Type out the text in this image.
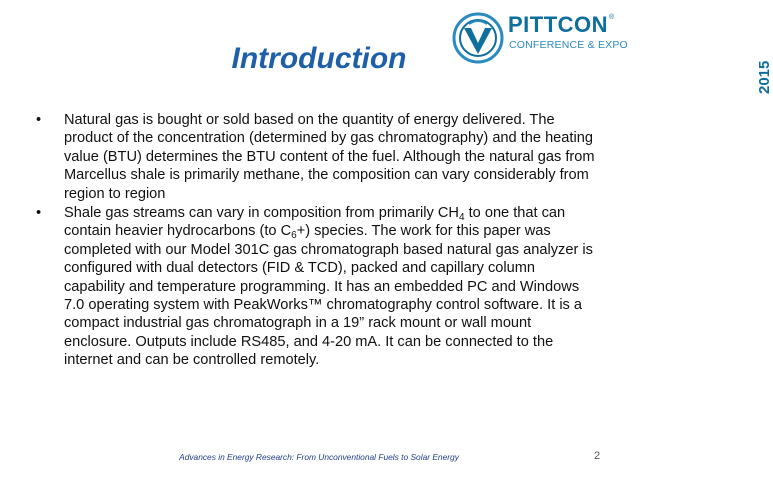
PITTCON ®
CONFERENCE & EXPO
2015
Introduction
•	Natural gas is bought or sold based on the quantity of energy delivered. The product of the concentration (determined by gas chromatography) and the heating value (BTU) determines the BTU content of the fuel. Although the natural gas from Marcellus shale is primarily methane, the composition can vary considerably from region to region
•	Shale gas streams can vary in composition from primarily $CH_4$ to one that can contain heavier hydrocarbons (to $C_6+$) species. The work for this paper was completed with our Model 301C gas chromatograph based natural gas analyzer is configured with dual detectors (FID & TCD), packed and capillary column capability and temperature programming. It has an embedded PC and Windows 7.0 operating system with PeakWorks™ chromatography control software. It is a compact industrial gas chromatograph in a 19” rack mount or wall mount enclosure. Outputs include RS485, and 4-20 mA. It can be connected to the internet and can be controlled remotely.
Advances in Energy Research: From Unconventional Fuels to Solar Energy	2
